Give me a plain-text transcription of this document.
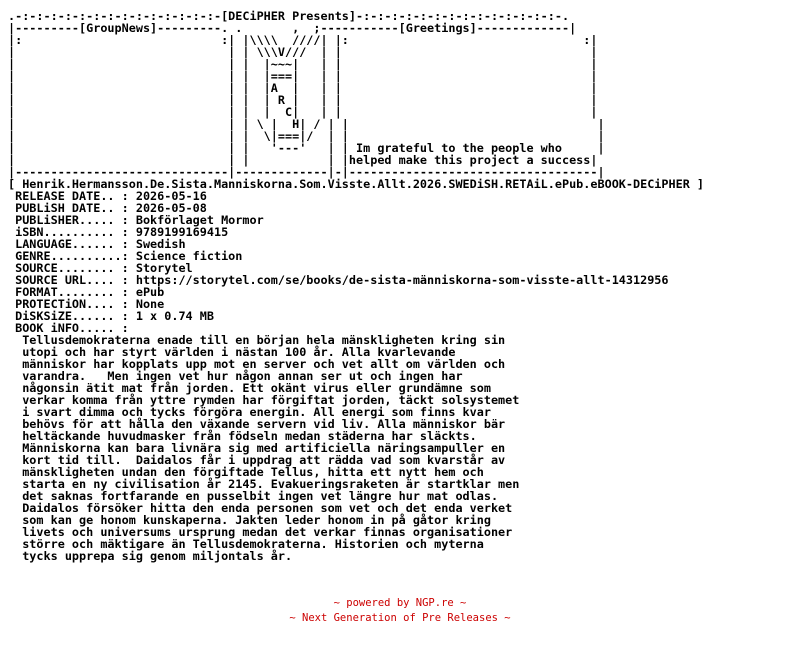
.-:-:-:-:-:-:-:-:-:-:-:-:-:-:-[DECiPHER Presents]-:-:-:-:-:-:-:-:-:-:-:-:-:-:-.
|---------[GroupNews]---------. .       ,  ;-----------[Greetings]-------------|
|:                            :| |\\\\  ////| |:                                 :|
|                              | | \\\V///  | |                                   |
|                              | |  |~~~|   | |                                   |
|                              | |  |===|   | |                                   |
|                              | |  |A  |   | |                                   |
|                              | |  | R |   | |                                   |
|                              | |  |  C|   | |                                   |
|                              | | \ |  H| / | |                                   |
|                              | |  \|===|/  | |                                   |
|                              | |   '---'   | | Im grateful to the people who     |
|                              | |           | |helped make this project a success|
|------------------------------|-------------|-|-----------------------------------|
[ Henrik.Hermansson.De.Sista.Manniskorna.Som.Visste.Allt.2026.SWEDiSH.RETAiL.ePub.eBOOK-DECiPHER ]
RELEASE DATE.. : 2026-05-16
PUBLiSH DATE.. : 2026-05-08
PUBLiSHER..... : Bokförlaget Mormor
iSBN.......... : 9789199169415
LANGUAGE...... : Swedish
GENRE..........: Science fiction
SOURCE........ : Storytel
SOURCE URL.... : https://storytel.com/se/books/de-sista-människorna-som-visste-allt-14312956
FORMAT........ : ePub
PROTECTiON.... : None
DiSKSiZE...... : 1 x 0.74 MB
BOOK iNFO..... :
Tellusdemokraterna enade till en början hela mänskligheten kring sin
utopi och har styrt världen i nästan 100 år. Alla kvarlevande
människor har kopplats upp mot en server och vet allt om världen och
varandra.   Men ingen vet hur någon annan ser ut och ingen har
någonsin ätit mat från jorden. Ett okänt virus eller grundämne som
verkar komma från yttre rymden har förgiftat jorden, täckt solsystemet
i svart dimma och tycks förgöra energin. All energi som finns kvar
behövs för att hålla den växande servern vid liv. Alla människor bär
heltäckande huvudmasker från födseln medan städerna har släckts.
Människorna kan bara livnära sig med artificiella näringsampuller en
kort tid till.  Daidalos får i uppdrag att rädda vad som kvarstår av
mänskligheten undan den förgiftade Tellus, hitta ett nytt hem och
starta en ny civilisation år 2145. Evakueringsraketen är startklar men
det saknas fortfarande en pusselbit ingen vet längre hur mat odlas.
Daidalos försöker hitta den enda personen som vet och det enda verket
som kan ge honom kunskaperna. Jakten leder honom in på gåtor kring
livets och universums ursprung medan det verkar finnas organisationer
större och mäktigare än Tellusdemokraterna. Historien och myterna
tycks upprepa sig genom miljontals år.
~ powered by NGP.re ~
~ Next Generation of Pre Releases ~
